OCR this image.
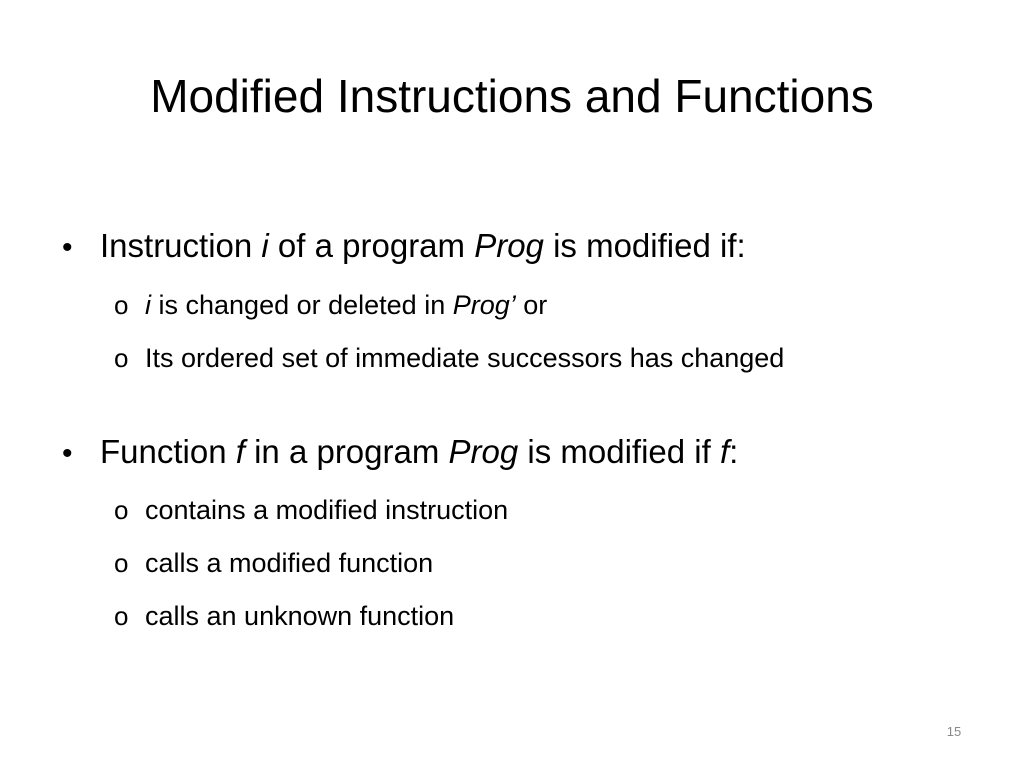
Modified Instructions and Functions
• Instruction i of a program Prog is modified if:
o i is changed or deleted in Prog’ or
o Its ordered set of immediate successors has changed
• Function f in a program Prog is modified if f:
o contains a modified instruction
o calls a modified function
o calls an unknown function
15
